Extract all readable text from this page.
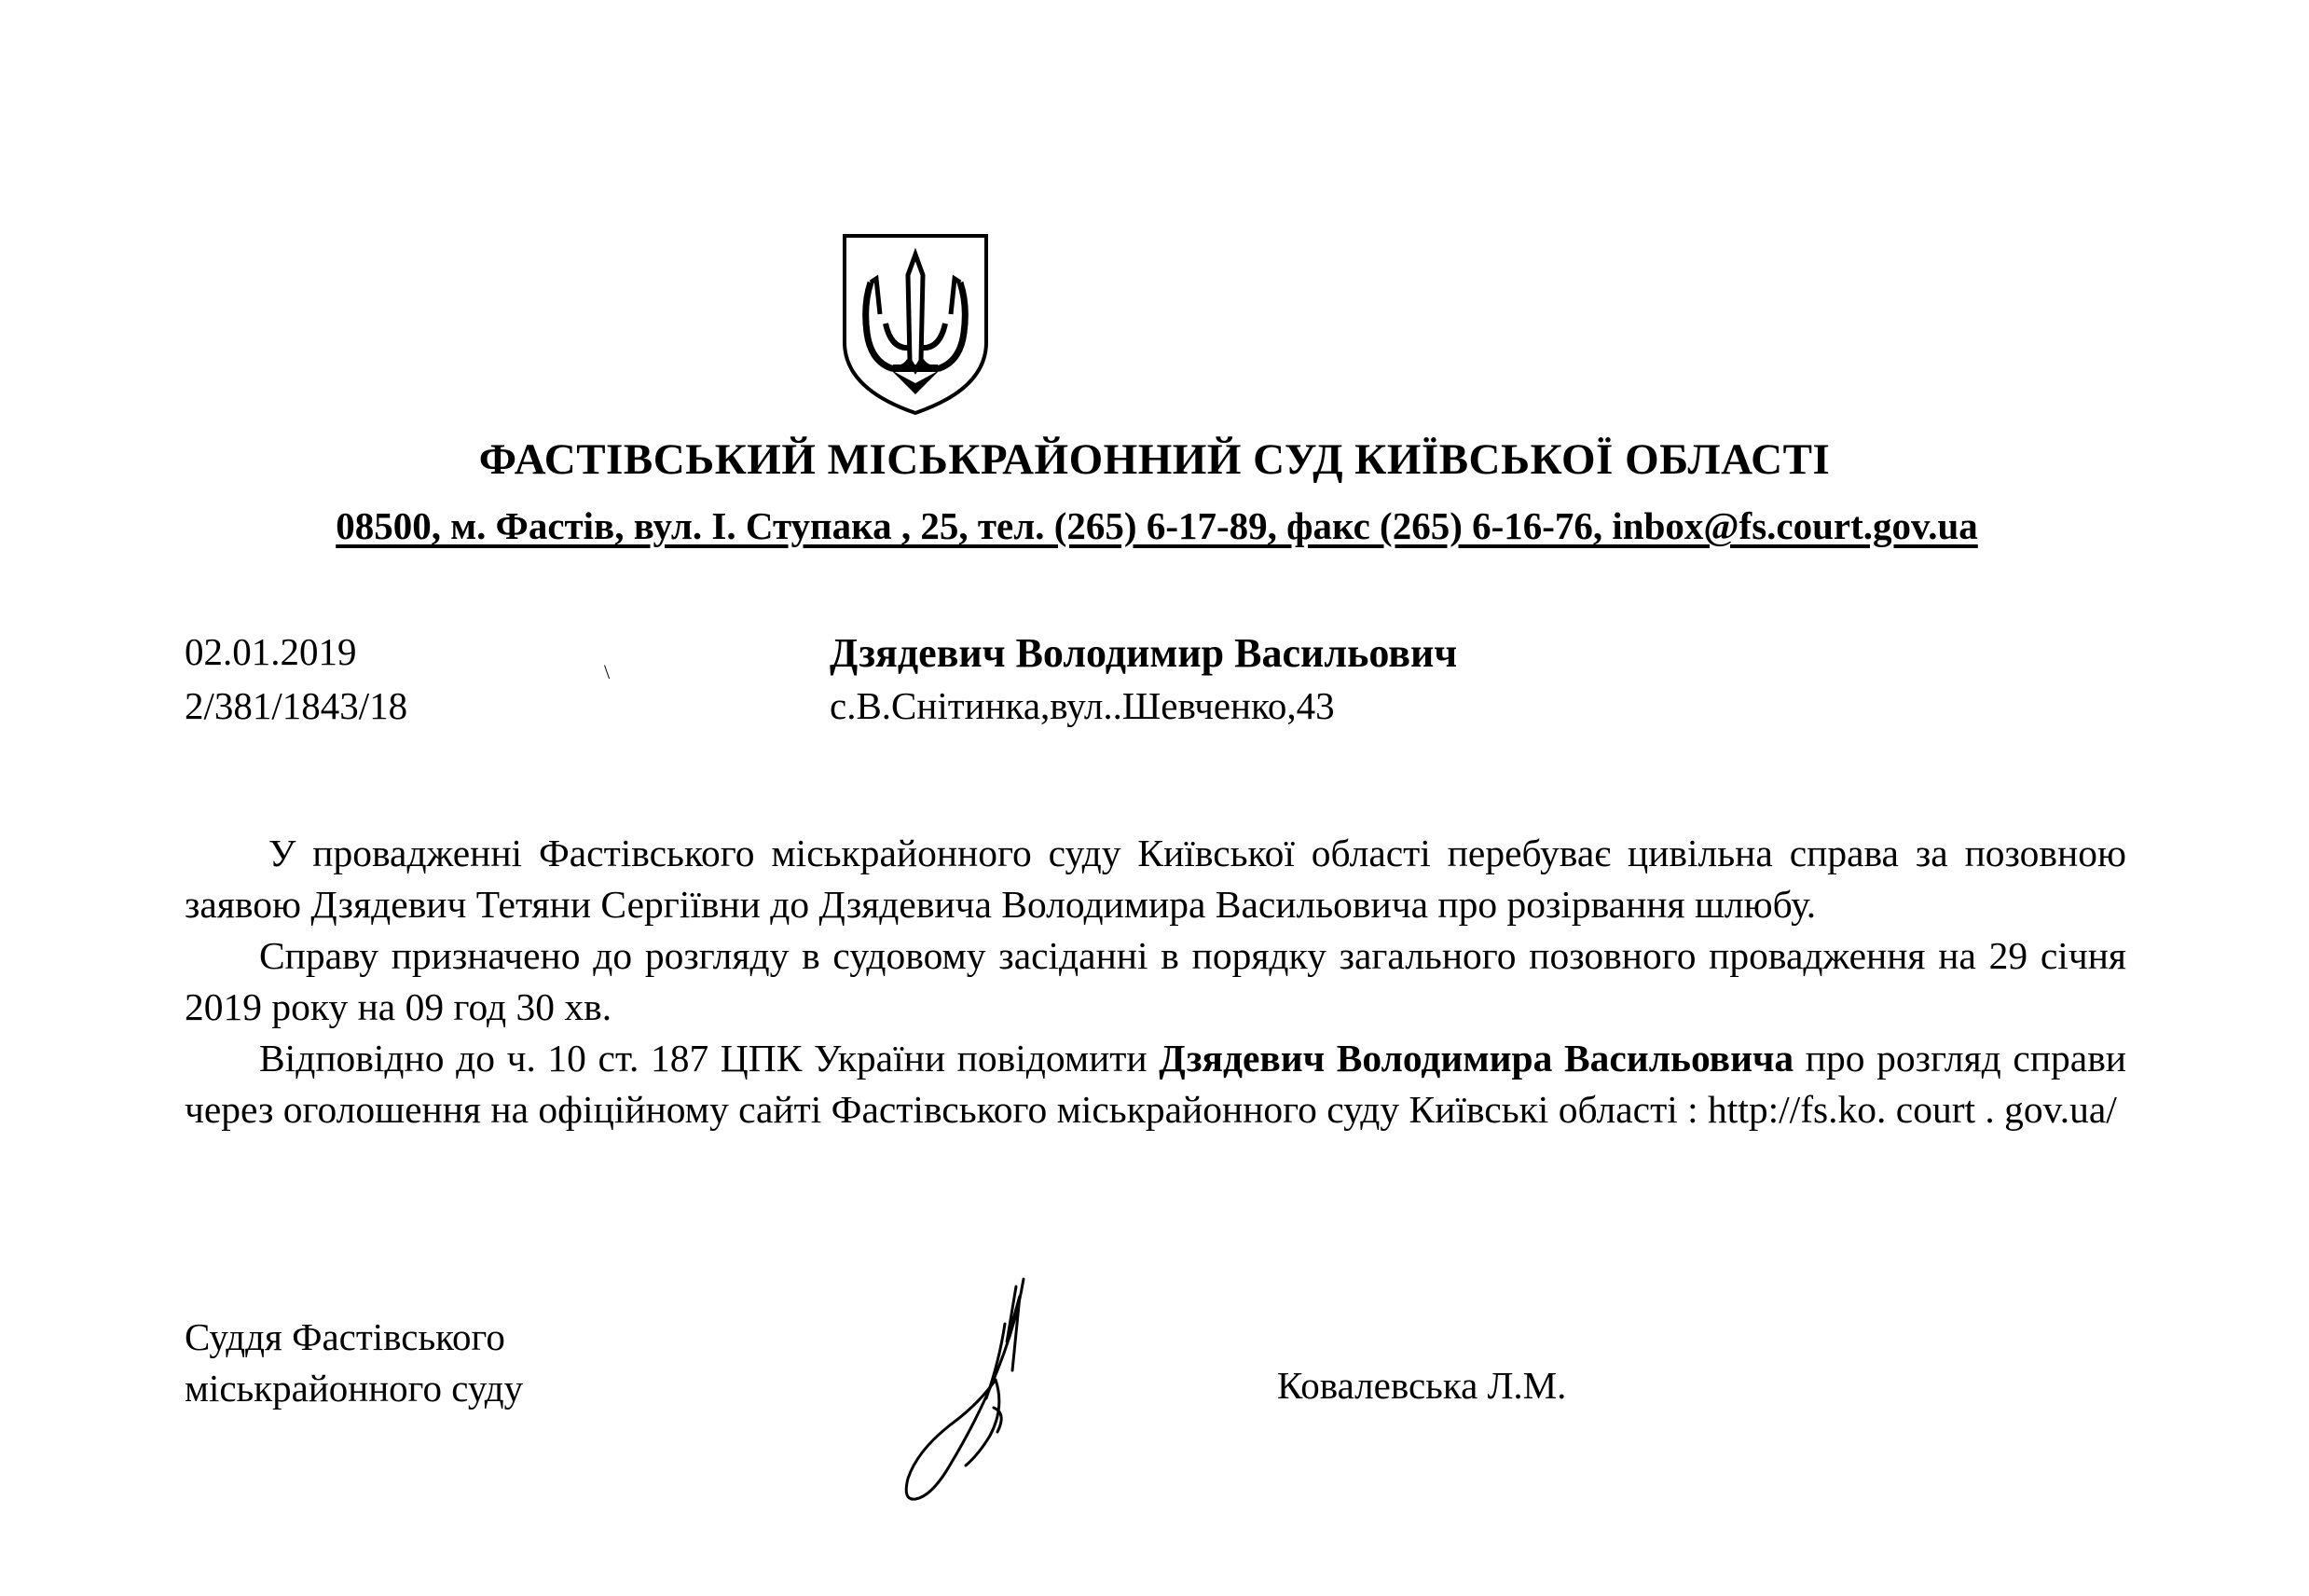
ФАСТІВСЬКИЙ МІСЬКРАЙОННИЙ СУД КИЇВСЬКОЇ ОБЛАСТІ
08500, м. Фастів, вул. І. Ступака , 25, тел. (265) 6-17-89, факс (265) 6-16-76, inbox@fs.court.gov.ua
02.01.2019
2/381/1843/18
\	Дзядевич Володимир Васильович
с.В.Снітинка,вул..Шевченко,43

У провадженні Фастівського міськрайонного суду Київської області перебуває цивільна справа за позовною заявою Дзядевич Тетяни Сергіївни до Дзядевича Володимира Васильовича про розірвання шлюбу.

Справу призначено до розгляду в судовому засіданні в порядку загального позовного провадження на 29 січня 2019 року на 09 год 30 хв.

Відповідно до ч. 10 ст. 187 ЦПК України повідомити Дзядевич Володимира Васильовича про розгляд справи через оголошення на офіційному сайті Фастівського міськрайонного суду Київські області : http://fs.ko. court . gov.ua/

Суддя Фастівського
міськрайонного суду	Ковалевська Л.М.
